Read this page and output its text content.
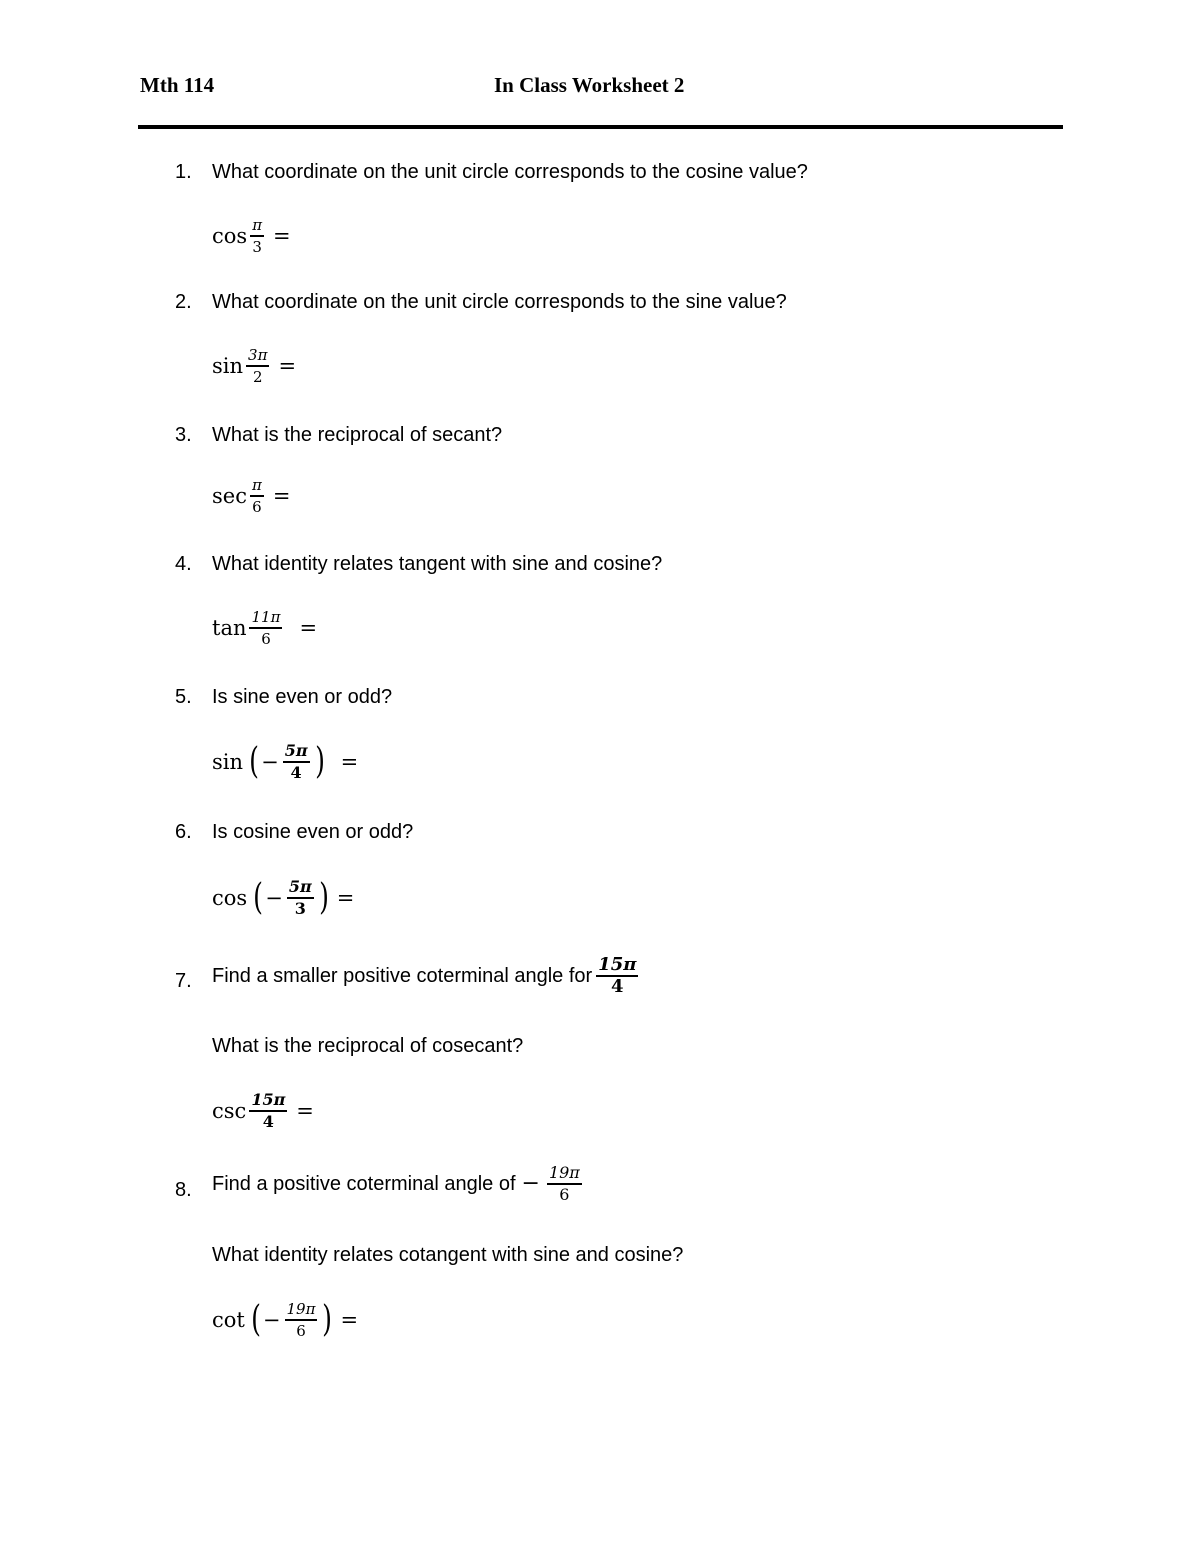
Mth 114	In Class Worksheet 2
1. What coordinate on the unit circle corresponds to the cosine value?
$\cos \frac{\pi}{3}$ =
2. What coordinate on the unit circle corresponds to the sine value?
$\sin \frac{3\pi}{2}$ =
3. What is the reciprocal of secant?
$\sec \frac{\pi}{6}$ =
4. What identity relates tangent with sine and cosine?
$\tan \frac{11\pi}{6}$ =
5. Is sine even or odd?
sin ( − $\frac{5\pi}{4}$ ) =
6. Is cosine even or odd?
cos ( − $\frac{5\pi}{3}$ ) =
7. Find a smaller positive coterminal angle for $\frac{15\pi}{4}$
What is the reciprocal of cosecant?
$\csc \frac{15\pi}{4}$ =
8. Find a positive coterminal angle of − $\frac{19\pi}{6}$
What identity relates cotangent with sine and cosine?
cot ( − $\frac{19\pi}{6}$ ) =
